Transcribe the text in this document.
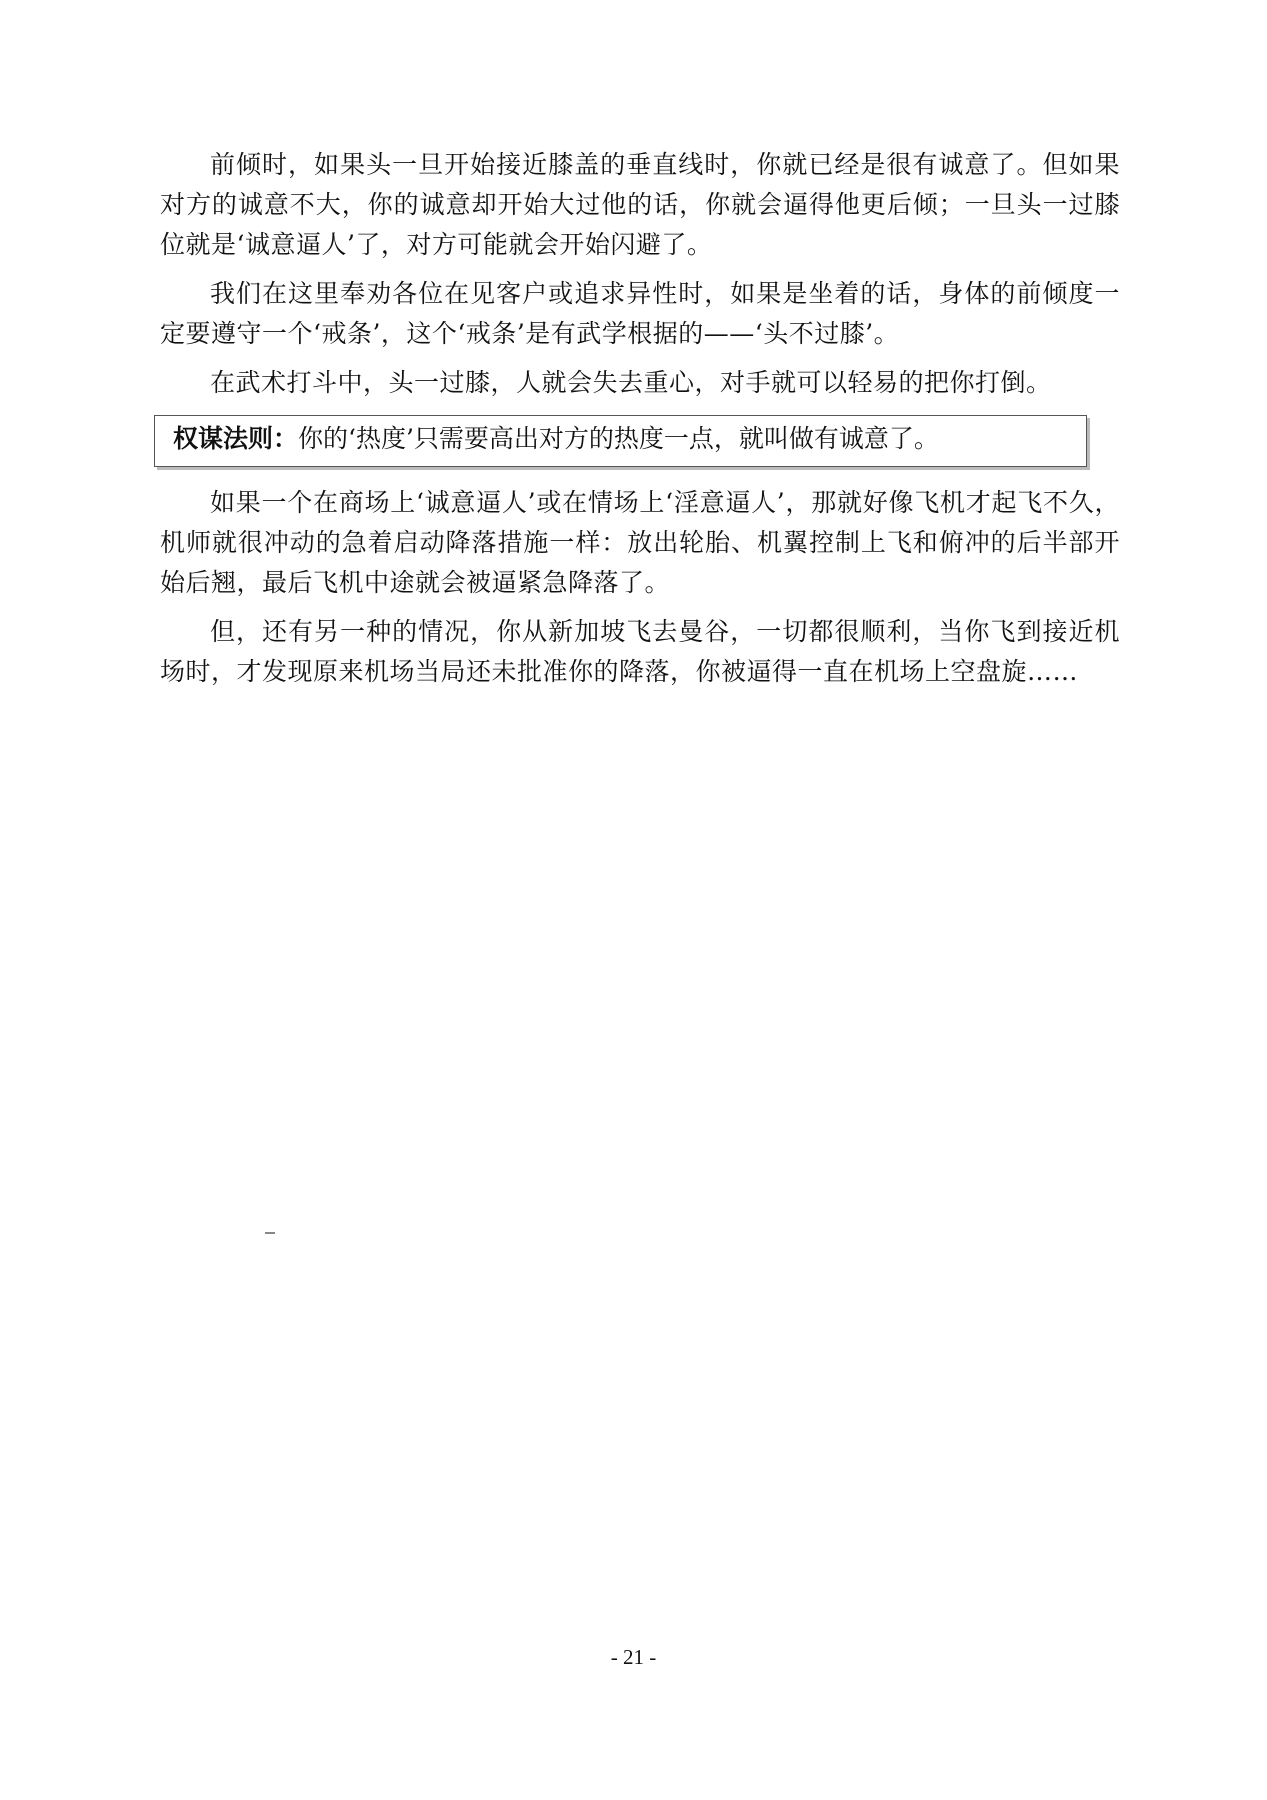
前倾时，如果头一旦开始接近膝盖的垂直线时，你就已经是很有诚意了。但如果对方的诚意不大，你的诚意却开始大过他的话，你就会逼得他更后倾；一旦头一过膝位就是‘诚意逼人’了，对方可能就会开始闪避了。

我们在这里奉劝各位在见客户或追求异性时，如果是坐着的话，身体的前倾度一定要遵守一个‘戒条’，这个‘戒条’是有武学根据的——‘头不过膝’。

在武术打斗中，头一过膝，人就会失去重心，对手就可以轻易的把你打倒。

权谋法则：你的‘热度’只需要高出对方的热度一点，就叫做有诚意了。

如果一个在商场上‘诚意逼人’或在情场上‘淫意逼人’，那就好像飞机才起飞不久，机师就很冲动的急着启动降落措施一样：放出轮胎、机翼控制上飞和俯冲的后半部开始后翘，最后飞机中途就会被逼紧急降落了。

但，还有另一种的情况，你从新加坡飞去曼谷，一切都很顺利，当你飞到接近机场时，才发现原来机场当局还未批准你的降落，你被逼得一直在机场上空盘旋……

- 21 -
